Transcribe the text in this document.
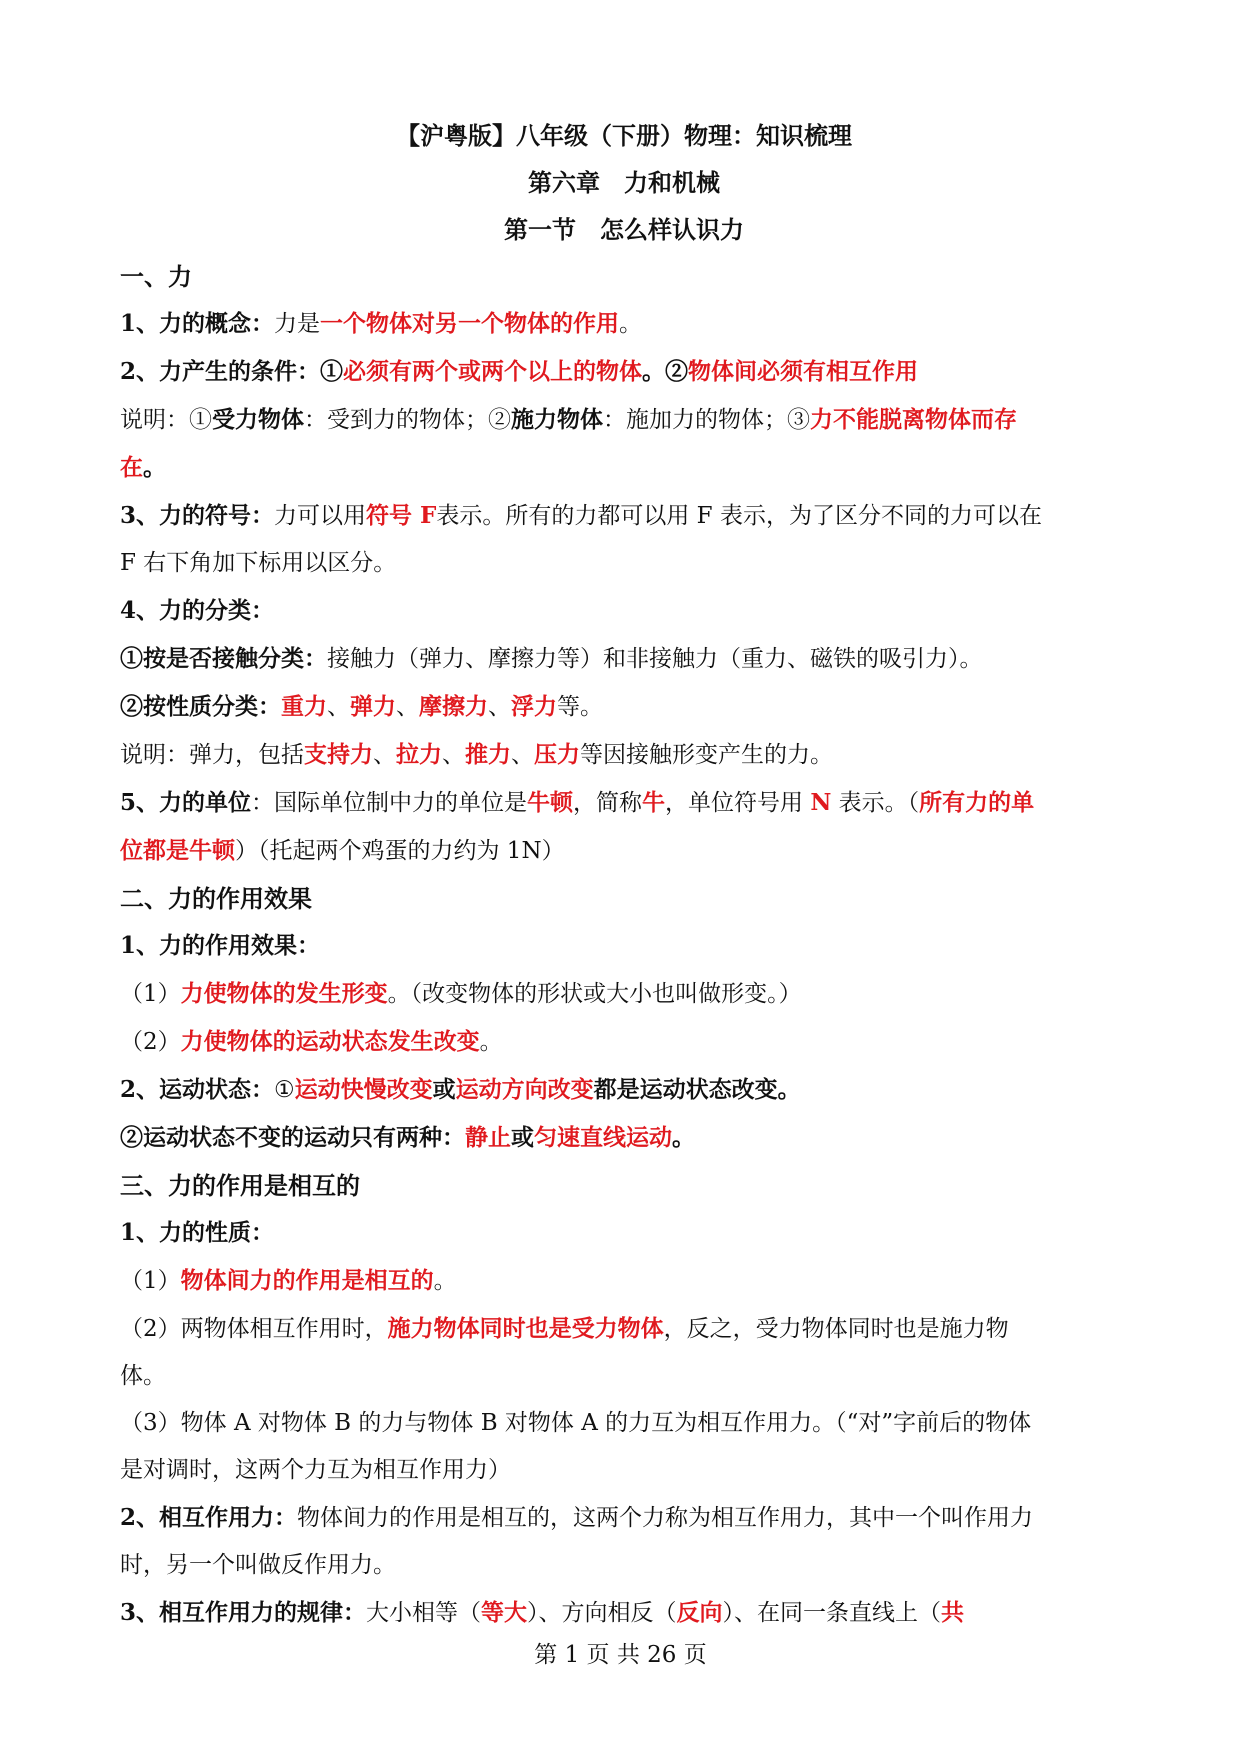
【沪粤版】八年级（下册）物理：知识梳理
第六章　力和机械
第一节　怎么样认识力
一、力
1、力的概念：力是一个物体对另一个物体的作用。
2、力产生的条件：①必须有两个或两个以上的物体。②物体间必须有相互作用
说明：①受力物体：受到力的物体；②施力物体：施加力的物体；③力不能脱离物体而存
在。
3、力的符号：力可以用符号 F表示。所有的力都可以用 F 表示，为了区分不同的力可以在
F 右下角加下标用以区分。
4、力的分类：
①按是否接触分类：接触力（弹力、摩擦力等）和非接触力（重力、磁铁的吸引力）。
②按性质分类：重力、弹力、摩擦力、浮力等。
说明：弹力，包括支持力、拉力、推力、压力等因接触形变产生的力。
5、力的单位：国际单位制中力的单位是牛顿，简称牛，单位符号用 N 表示。（所有力的单
位都是牛顿）（托起两个鸡蛋的力约为 1N）
二、力的作用效果
1、力的作用效果：
（1）力使物体的发生形变。（改变物体的形状或大小也叫做形变。）
（2）力使物体的运动状态发生改变。
2、运动状态：①运动快慢改变或运动方向改变都是运动状态改变。
②运动状态不变的运动只有两种：静止或匀速直线运动。
三、力的作用是相互的
1、力的性质：
（1）物体间力的作用是相互的。
（2）两物体相互作用时，施力物体同时也是受力物体，反之，受力物体同时也是施力物
体。
（3）物体 A 对物体 B 的力与物体 B 对物体 A 的力互为相互作用力。（“对”字前后的物体
是对调时，这两个力互为相互作用力）
2、相互作用力：物体间力的作用是相互的，这两个力称为相互作用力，其中一个叫作用力
时，另一个叫做反作用力。
3、相互作用力的规律：大小相等（等大）、方向相反（反向）、在同一条直线上（共
第 1 页 共 26 页
